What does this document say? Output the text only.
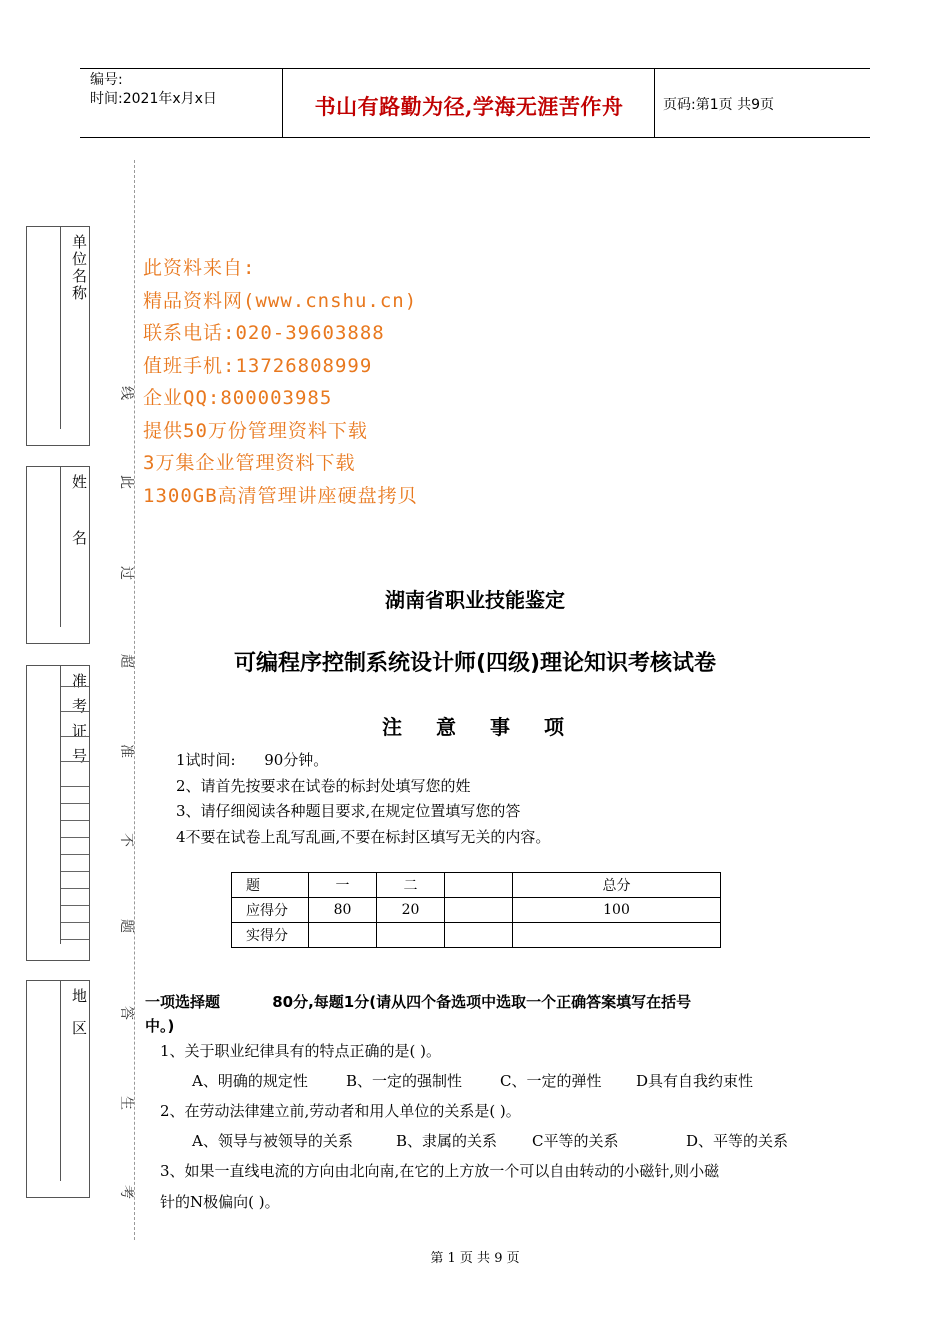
编号:
时间:2021年x月x日	书山有路勤为径,学海无涯苦作舟	页码:第1页 共9页
单
位
名
称
姓
名
准
考
证
号
地
区
线
此
过
超
准
不
题
答
生
考
此资料来自:
精品资料网(www.cnshu.cn)
联系电话:020-39603888
值班手机:13726808999
企业QQ:800003985
提供50万份管理资料下载
3万集企业管理资料下载
1300GB高清管理讲座硬盘拷贝
湖南省职业技能鉴定
可编程序控制系统设计师(四级)理论知识考核试卷
注 意 事 项
1试时间:      90分钟。
2、请首先按要求在试卷的标封处填写您的姓
3、请仔细阅读各种题目要求,在规定位置填写您的答
4不要在试卷上乱写乱画,不要在标封区填写无关的内容。
题	一	二		总分
应得分	80	20		100
实得分				
一项选择题          80分,每题1分(请从四个备选项中选取一个正确答案填写在括号
中。)
1、关于职业纪律具有的特点正确的是( )。
A、明确的规定性	B、一定的强制性	C、一定的弹性 D具有自我约束性
2、在劳动法律建立前,劳动者和用人单位的关系是( )。
A、领导与被领导的关系	B、隶属的关系 C平等的关系	D、平等的关系
3、如果一直线电流的方向由北向南,在它的上方放一个可以自由转动的小磁针,则小磁
针的N极偏向( )。
第 1 页 共 9 页
